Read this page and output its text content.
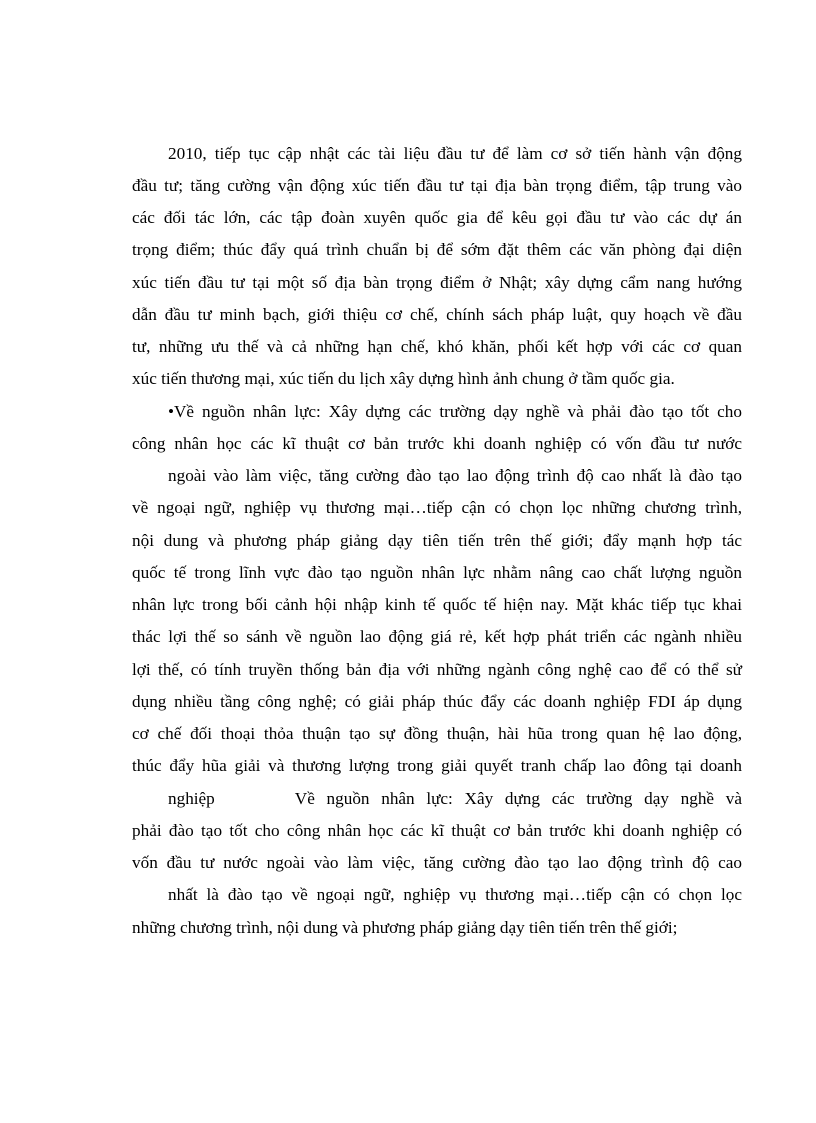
2010, tiếp tục cập nhật các tài liệu đầu tư để làm cơ sở tiến hành vận động
đầu tư; tăng cường vận động xúc tiến đầu tư tại địa bàn trọng điểm, tập trung vào
các đối tác lớn, các tập đoàn xuyên quốc gia để kêu gọi đầu tư vào các dự án
trọng điểm; thúc đẩy quá trình chuẩn bị để sớm đặt thêm các văn phòng đại diện
xúc tiến đầu tư tại một số địa bàn trọng điểm ở Nhật; xây dựng cẩm nang hướng
dẫn đầu tư minh bạch, giới thiệu cơ chế, chính sách pháp luật, quy hoạch về đầu
tư, những ưu thế và cả những hạn chế, khó khăn, phối kết hợp với các cơ quan
xúc tiến thương mại, xúc tiến du lịch xây dựng hình ảnh chung ở tầm quốc gia.
•Về nguồn nhân lực: Xây dựng các trường dạy nghề và phải đào tạo tốt cho
công nhân học các kĩ thuật cơ bản trước khi doanh nghiệp có vốn đầu tư nước
ngoài vào làm việc, tăng cường đào tạo lao động trình độ cao nhất là đào tạo
về ngoại ngữ, nghiệp vụ thương mại…tiếp cận có chọn lọc những chương trình,
nội dung và phương pháp giảng dạy tiên tiến trên thế giới; đẩy mạnh hợp tác
quốc tế trong lĩnh vực đào tạo nguồn nhân lực nhằm nâng cao chất lượng nguồn
nhân lực trong bối cảnh hội nhập kinh tế quốc tế hiện nay. Mặt khác tiếp tục khai
thác lợi thế so sánh về nguồn lao động giá rẻ, kết hợp phát triển các ngành nhiều
lợi thế, có tính truyền thống bản địa với những ngành công nghệ cao để có thể sử
dụng nhiều tầng công nghệ; có giải pháp thúc đẩy các doanh nghiệp FDI áp dụng
cơ chế đối thoại thỏa thuận tạo sự đồng thuận, hài hũa trong quan hệ lao động,
thúc đẩy hũa giải và thương lượng trong giải quyết tranh chấp lao đông tại doanh
nghiệp	Về nguồn nhân lực: Xây dựng các trường dạy nghề và
phải đào tạo tốt cho công nhân học các kĩ thuật cơ bản trước khi doanh nghiệp có
vốn đầu tư nước ngoài vào làm việc, tăng cường đào tạo lao động trình độ cao
nhất là đào tạo về ngoại ngữ, nghiệp vụ thương mại…tiếp cận có chọn lọc
những chương trình, nội dung và phương pháp giảng dạy tiên tiến trên thế giới;
